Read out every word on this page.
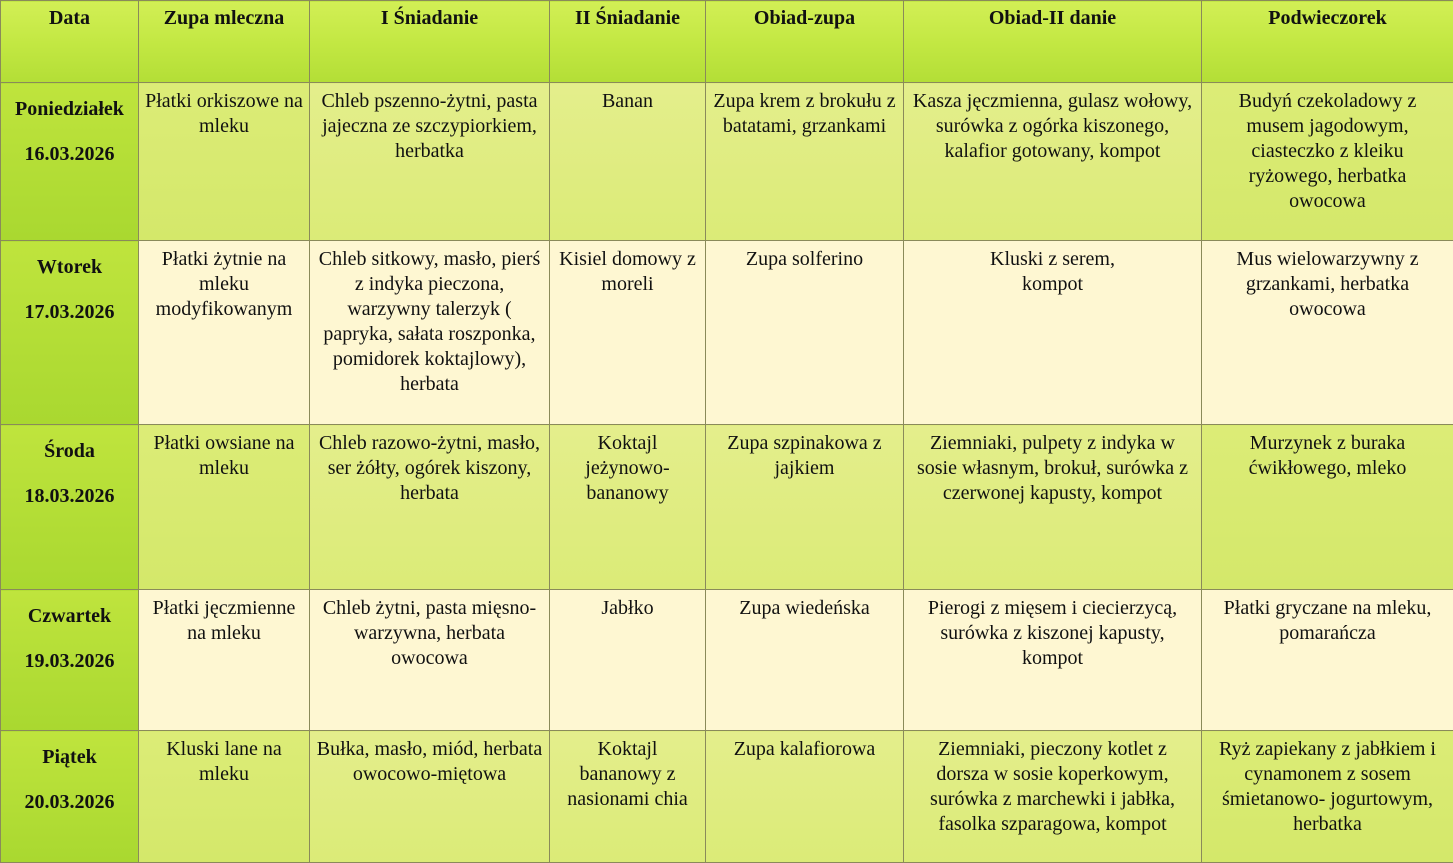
Data	Zupa mleczna	I Śniadanie	II Śniadanie	Obiad-zupa	Obiad-II danie	Podwieczorek

Poniedziałek
16.03.2026	Płatki orkiszowe na mleku	Chleb pszenno-żytni, pasta jajeczna ze szczypiorkiem, herbatka	Banan	Zupa krem z brokułu z batatami, grzankami	Kasza jęczmienna, gulasz wołowy, surówka z ogórka kiszonego, kalafior gotowany, kompot	Budyń czekoladowy z musem jagodowym, ciasteczko z kleiku ryżowego, herbatka owocowa

Wtorek
17.03.2026	Płatki żytnie na mleku modyfikowanym	Chleb sitkowy, masło, pierś z indyka pieczona, warzywny talerzyk ( papryka, sałata roszponka, pomidorek koktajlowy), herbata	Kisiel domowy z moreli	Zupa solferino	Kluski z serem,
kompot	Mus wielowarzywny z grzankami, herbatka owocowa

Środa
18.03.2026	Płatki owsiane na mleku	Chleb razowo-żytni, masło, ser żółty, ogórek kiszony, herbata	Koktajl jeżynowo-bananowy	Zupa szpinakowa z jajkiem	Ziemniaki, pulpety z indyka w sosie własnym, brokuł, surówka z czerwonej kapusty, kompot	Murzynek z buraka ćwikłowego, mleko

Czwartek
19.03.2026	Płatki jęczmienne na mleku	Chleb żytni, pasta mięsno-warzywna, herbata owocowa	Jabłko	Zupa wiedeńska	Pierogi z mięsem i ciecierzycą, surówka z kiszonej kapusty, kompot	Płatki gryczane na mleku, pomarańcza

Piątek
20.03.2026	Kluski lane na mleku	Bułka, masło, miód, herbata owocowo-miętowa	Koktajl bananowy z nasionami chia	Zupa kalafiorowa	Ziemniaki, pieczony kotlet z dorsza w sosie koperkowym, surówka z marchewki i jabłka, fasolka szparagowa, kompot	Ryż zapiekany z jabłkiem i cynamonem z sosem śmietanowo- jogurtowym, herbatka
